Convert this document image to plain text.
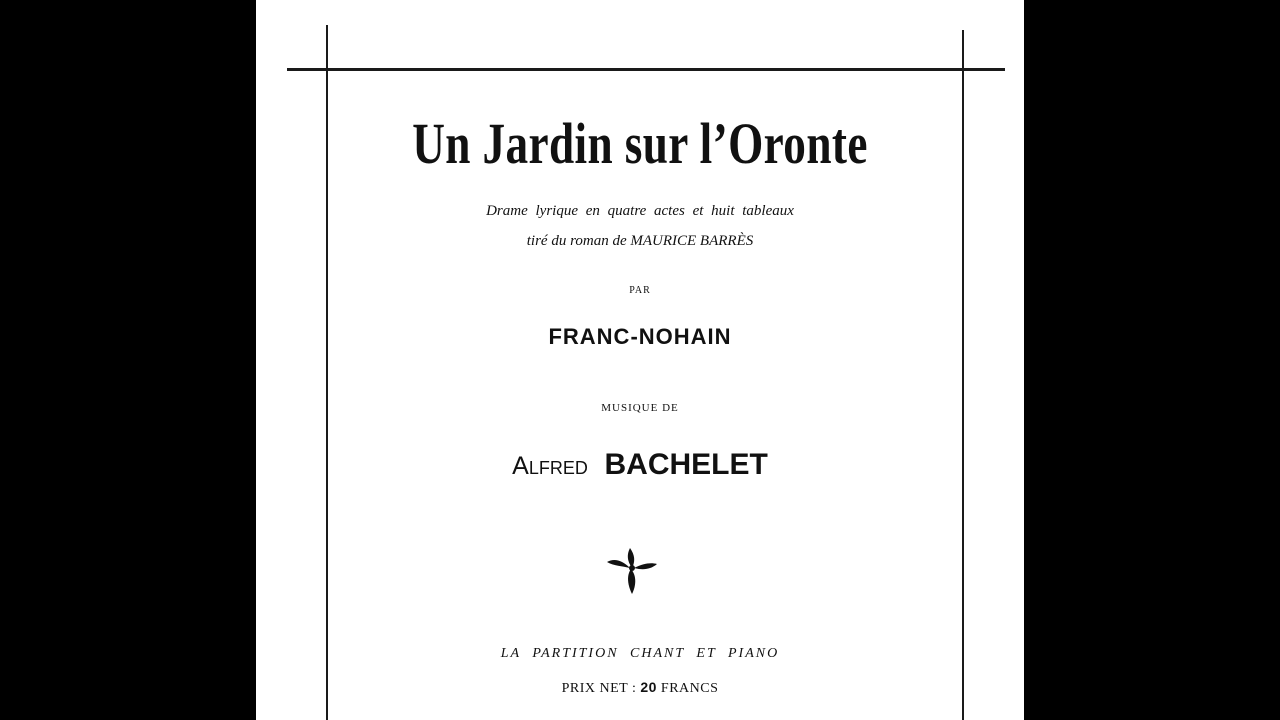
Un Jardin sur l’Oronte
Drame lyrique en quatre actes et huit tableaux
tiré du roman de MAURICE BARRÈS
PAR
FRANC-NOHAIN
MUSIQUE DE
Alfred BACHELET
LA PARTITION CHANT ET PIANO
PRIX NET : 20 FRANCS
